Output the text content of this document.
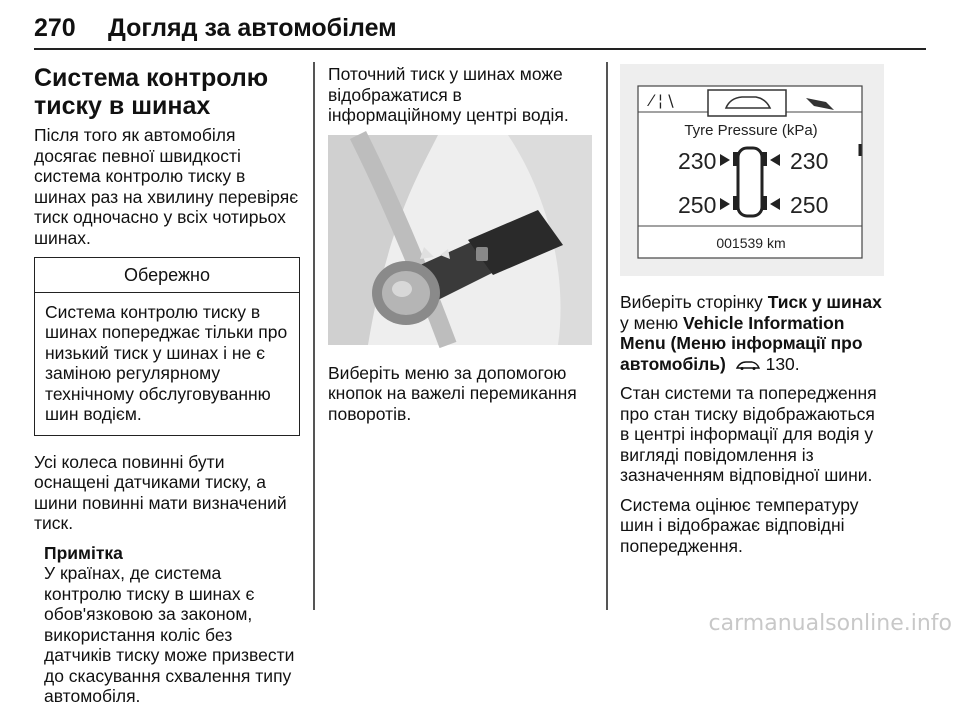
270 Догляд за автомобілем
Система контролю тиску в шинах

Після того як автомобіля досягає певної швидкості система контролю тиску в шинах раз на хвилину перевіряє тиск одночасно у всіх чотирьох шинах.

Обережно
Система контролю тиску в шинах попереджає тільки про низький тиск у шинах і не є заміною регулярному технічному обслуговуванню шин водієм.

Усі колеса повинні бути оснащені датчиками тиску, а шини повинні мати визначений тиск.

Примітка
У країнах, де система контролю тиску в шинах є обов'язковою за законом, використання коліс без датчиків тиску може призвести до скасування схвалення типу автомобіля.

Поточний тиск у шинах може відображатися в інформаційному центрі водія.

Виберіть меню за допомогою кнопок на важелі перемикання поворотів.

⁄ ¦ \
Tyre Pressure (kPa)
230	230
250	250
001539 km

Виберіть сторінку Тиск у шинах у меню Vehicle Information Menu (Меню інформації про автомобіль)  130.

Стан системи та попередження про стан тиску відображаються в центрі інформації для водія у вигляді повідомлення із зазначенням відповідної шини.

Система оцінює температуру шин і відображає відповідні попередження.

carmanualsonline.info
